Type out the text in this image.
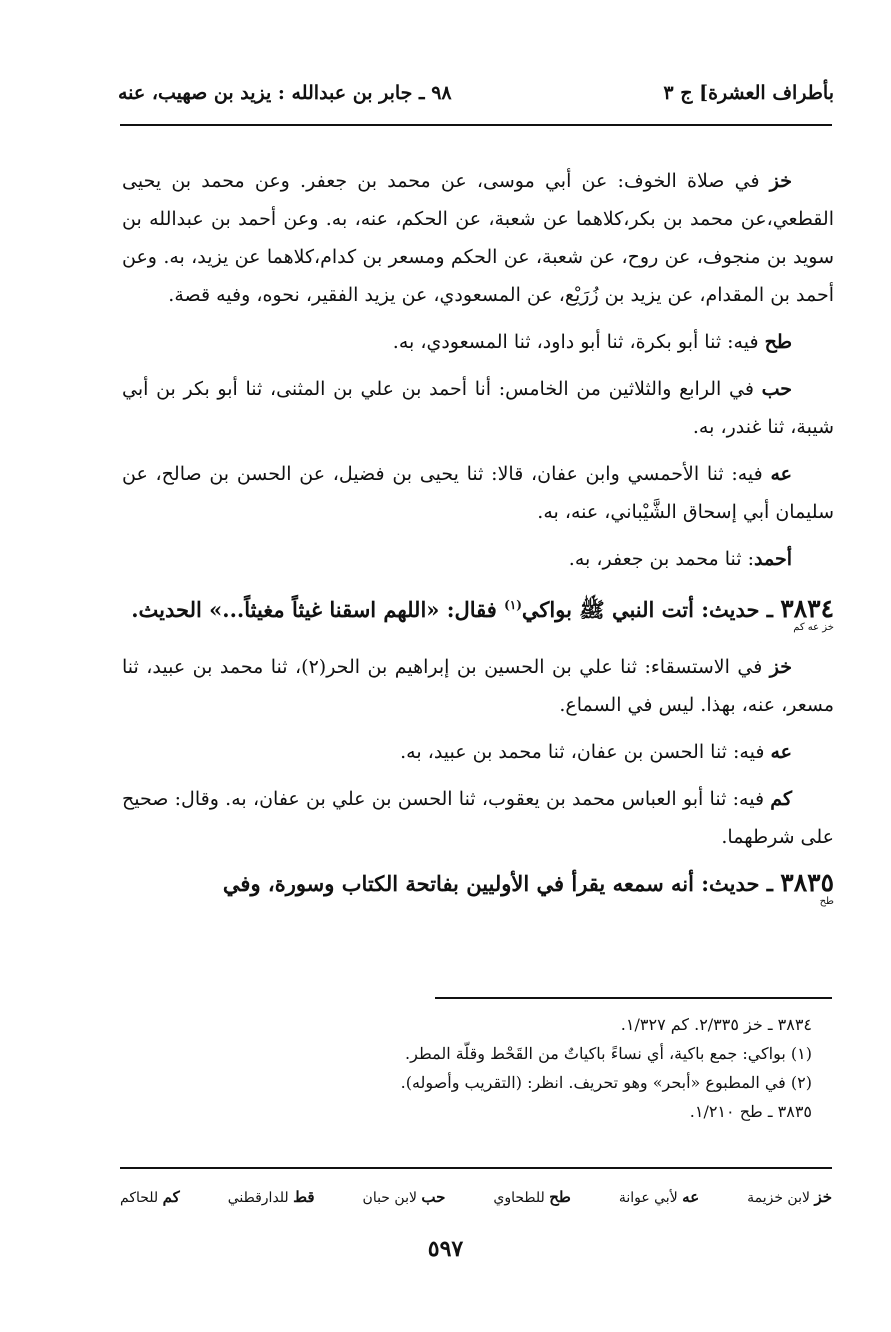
بأطراف العشرة] ج ٣
٩٨ ـ جابر بن عبدالله : يزيد بن صهيب، عنه

خز في صلاة الخوف: عن أبي موسى، عن محمد بن جعفر. وعن محمد بن يحيى القطعي،عن محمد بن بكر،كلاهما عن شعبة، عن الحكم، عنه، به. وعن أحمد بن عبدالله بن سويد بن منجوف، عن روح، عن شعبة، عن الحكم ومسعر بن كدام،كلاهما عن يزيد، به. وعن أحمد بن المقدام، عن يزيد بن زُرَيْع، عن المسعودي، عن يزيد الفقير، نحوه، وفيه قصة.

طح فيه: ثنا أبو بكرة، ثنا أبو داود، ثنا المسعودي، به.

حب في الرابع والثلاثين من الخامس: أنا أحمد بن علي بن المثنى، ثنا أبو بكر بن أبي شيبة، ثنا غندر، به.

عه فيه: ثنا الأحمسي وابن عفان، قالا: ثنا يحيى بن فضيل، عن الحسن بن صالح، عن سليمان أبي إسحاق الشَّيْباني، عنه، به.

أحمد: ثنا محمد بن جعفر، به.

٣٨٣٤ ـ حديث: أتت النبي ﷺ بواكي$^{(١)}$ فقال: «اللهم اسقنا غيثاً مغيثاً...» الحديث.
خز عه كم

خز في الاستسقاء: ثنا علي بن الحسين بن إبراهيم بن الحر(٢)، ثنا محمد بن عبيد، ثنا مسعر، عنه، بهذا. ليس في السماع.

عه فيه: ثنا الحسن بن عفان، ثنا محمد بن عبيد، به.

كم فيه: ثنا أبو العباس محمد بن يعقوب، ثنا الحسن بن علي بن عفان، به. وقال: صحيح على شرطهما.

٣٨٣٥ ـ حديث: أنه سمعه يقرأ في الأوليين بفاتحة الكتاب وسورة، وفي
طح

٣٨٣٤ ـ خز ٢/٣٣٥. كم ١/٣٢٧.

(١) بواكي: جمع باكية، أي نساءً باكياتٌ من القَحْط وقلّة المطر.

(٢) في المطبوع «أبحر» وهو تحريف. انظر: (التقريب وأصوله).

٣٨٣٥ ـ طح ١/٢١٠.

خز لابن خزيمة
عه لأبي عوانة
طح للطحاوي
حب لابن حبان
قط للدارقطني
كم للحاكم
٥٩٧
